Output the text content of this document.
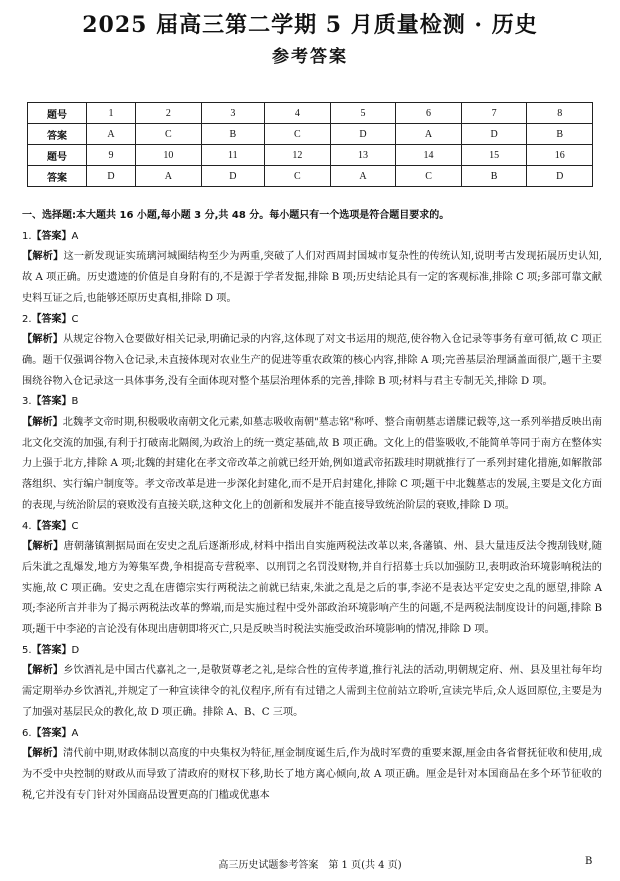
2025 届高三第二学期 5 月质量检测 · 历史
参考答案
题号	1	2	3	4	5	6	7	8
答案	A	C	B	C	D	A	D	B
题号	9	10	11	12	13	14	15	16
答案	D	A	D	C	A	C	B	D

一、选择题:本大题共 16 小题,每小题 3 分,共 48 分。每小题只有一个选项是符合题目要求的。

1.【答案】A

【解析】这一新发现证实琉璃河城圈结构至少为两重,突破了人们对西周封国城市复杂性的传统认知,说明考古发现拓展历史认知,故 A 项正确。历史遗迹的价值是自身附有的,不是源于学者发掘,排除 B 项;历史结论具有一定的客观标准,排除 C 项;多部可靠文献史料互证之后,也能够还原历史真相,排除 D 项。

2.【答案】C

【解析】从规定谷物入仓要做好相关记录,明确记录的内容,这体现了对文书运用的规范,使谷物入仓记录等事务有章可循,故 C 项正确。题干仅强调谷物入仓记录,未直接体现对农业生产的促进等重农政策的核心内容,排除 A 项;完善基层治理涵盖面很广,题干主要围绕谷物入仓记录这一具体事务,没有全面体现对整个基层治理体系的完善,排除 B 项;材料与君主专制无关,排除 D 项。

3.【答案】B

【解析】北魏孝文帝时期,积极吸收南朝文化元素,如墓志吸收南朝"墓志铭"称呼、整合南朝墓志谱牒记载等,这一系列举措反映出南北文化交流的加强,有利于打破南北隔阂,为政治上的统一奠定基础,故 B 项正确。文化上的借鉴吸收,不能简单等同于南方在整体实力上强于北方,排除 A 项;北魏的封建化在孝文帝改革之前就已经开始,例如道武帝拓跋珪时期就推行了一系列封建化措施,如解散部落组织、实行编户制度等。孝文帝改革是进一步深化封建化,而不是开启封建化,排除 C 项;题干中北魏墓志的发展,主要是文化方面的表现,与统治阶层的衰败没有直接关联,这种文化上的创新和发展并不能直接导致统治阶层的衰败,排除 D 项。

4.【答案】C

【解析】唐朝藩镇割据局面在安史之乱后逐渐形成,材料中指出自实施两税法改革以来,各藩镇、州、县大量违反法令搜刮钱财,随后朱泚之乱爆发,地方为筹集军费,争相提高专营税率、以刑罚之名罚没财物,并自行招募士兵以加强防卫,表明政治环境影响税法的实施,故 C 项正确。安史之乱在唐德宗实行两税法之前就已结束,朱泚之乱是之后的事,李泌不是表达平定安史之乱的愿望,排除 A 项;李泌所言并非为了揭示两税法改革的弊端,而是实施过程中受外部政治环境影响产生的问题,不是两税法制度设计的问题,排除 B 项;题干中李泌的言论没有体现出唐朝即将灭亡,只是反映当时税法实施受政治环境影响的情况,排除 D 项。

5.【答案】D

【解析】乡饮酒礼是中国古代嘉礼之一,是敬贤尊老之礼,是综合性的宣传孝道,推行礼法的活动,明朝规定府、州、县及里社每年均需定期举办乡饮酒礼,并规定了一种宣读律令的礼仪程序,所有有过错之人需到主位前站立聆听,宣读完毕后,众人返回原位,主要是为了加强对基层民众的教化,故 D 项正确。排除 A、B、C 三项。

6.【答案】A

【解析】清代前中期,财政体制以高度的中央集权为特征,厘金制度诞生后,作为战时军费的重要来源,厘金由各省督抚征收和使用,成为不受中央控制的财政从而导致了清政府的财权下移,助长了地方离心倾向,故 A 项正确。厘金是针对本国商品在多个环节征收的税,它并没有专门针对外国商品设置更高的门槛或优惠本

高三历史试题参考答案　第 1 页(共 4 页)	B
